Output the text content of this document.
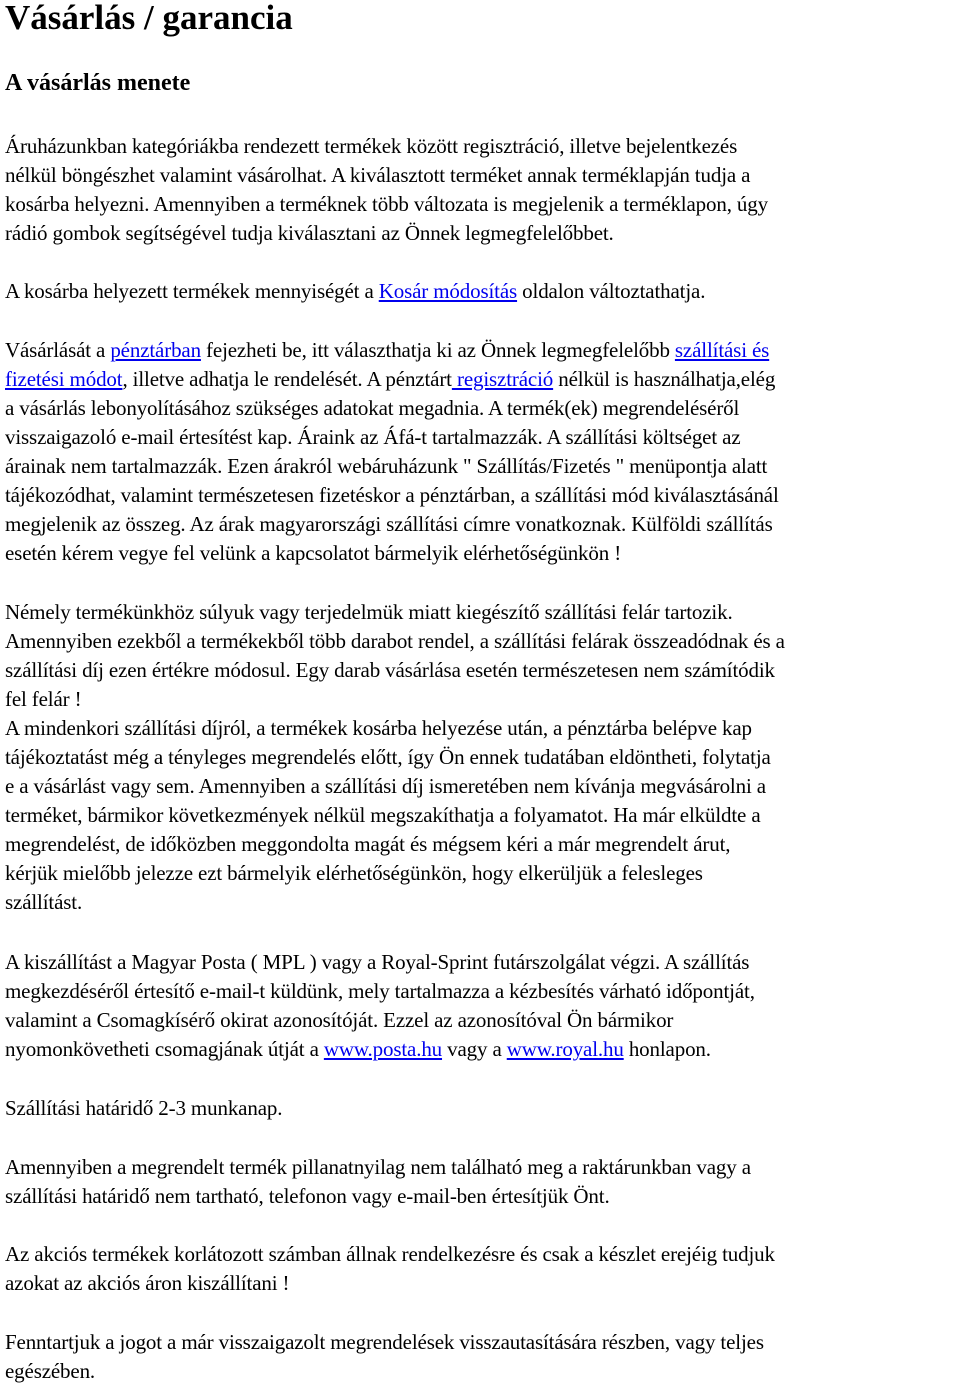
Vásárlás / garancia
A vásárlás menete

Áruházunkban kategóriákba rendezett termékek között regisztráció, illetve bejelentkezés
nélkül böngészhet valamint vásárolhat. A kiválasztott terméket annak terméklapján tudja a
kosárba helyezni. Amennyiben a terméknek több változata is megjelenik a terméklapon, úgy
rádió gombok segítségével tudja kiválasztani az Önnek legmegfelelőbbet.

A kosárba helyezett termékek mennyiségét a Kosár módosítás oldalon változtathatja.

Vásárlását a pénztárban fejezheti be, itt választhatja ki az Önnek legmegfelelőbb szállítási és
fizetési módot, illetve adhatja le rendelését. A pénztárt regisztráció nélkül is használhatja,elég
a vásárlás lebonyolításához szükséges adatokat megadnia. A termék(ek) megrendeléséről
visszaigazoló e-mail értesítést kap. Áraink az Áfá-t tartalmazzák. A szállítási költséget az
árainak nem tartalmazzák. Ezen árakról webáruházunk " Szállítás/Fizetés " menüpontja alatt
tájékozódhat, valamint természetesen fizetéskor a pénztárban, a szállítási mód kiválasztásánál
megjelenik az összeg. Az árak magyarországi szállítási címre vonatkoznak. Külföldi szállítás
esetén kérem vegye fel velünk a kapcsolatot bármelyik elérhetőségünkön !

Némely termékünkhöz súlyuk vagy terjedelmük miatt kiegészítő szállítási felár tartozik.
Amennyiben ezekből a termékekből több darabot rendel, a szállítási felárak összeadódnak és a
szállítási díj ezen értékre módosul. Egy darab vásárlása esetén természetesen nem számítódik
fel felár !
A mindenkori szállítási díjról, a termékek kosárba helyezése után, a pénztárba belépve kap
tájékoztatást még a tényleges megrendelés előtt, így Ön ennek tudatában eldöntheti, folytatja
e a vásárlást vagy sem. Amennyiben a szállítási díj ismeretében nem kívánja megvásárolni a
terméket, bármikor következmények nélkül megszakíthatja a folyamatot. Ha már elküldte a
megrendelést, de időközben meggondolta magát és mégsem kéri a már megrendelt árut,
kérjük mielőbb jelezze ezt bármelyik elérhetőségünkön, hogy elkerüljük a felesleges
szállítást.

A kiszállítást a Magyar Posta ( MPL ) vagy a Royal-Sprint futárszolgálat végzi. A szállítás
megkezdéséről értesítő e-mail-t küldünk, mely tartalmazza a kézbesítés várható időpontját,
valamint a Csomagkísérő okirat azonosítóját. Ezzel az azonosítóval Ön bármikor
nyomonkövetheti csomagjának útját a www.posta.hu vagy a www.royal.hu honlapon.

Szállítási határidő 2-3 munkanap.

Amennyiben a megrendelt termék pillanatnyilag nem található meg a raktárunkban vagy a
szállítási határidő nem tartható, telefonon vagy e-mail-ben értesítjük Önt.

Az akciós termékek korlátozott számban állnak rendelkezésre és csak a készlet erejéig tudjuk
azokat az akciós áron kiszállítani !

Fenntartjuk a jogot a már visszaigazolt megrendelések visszautasítására részben, vagy teljes
egészében.
